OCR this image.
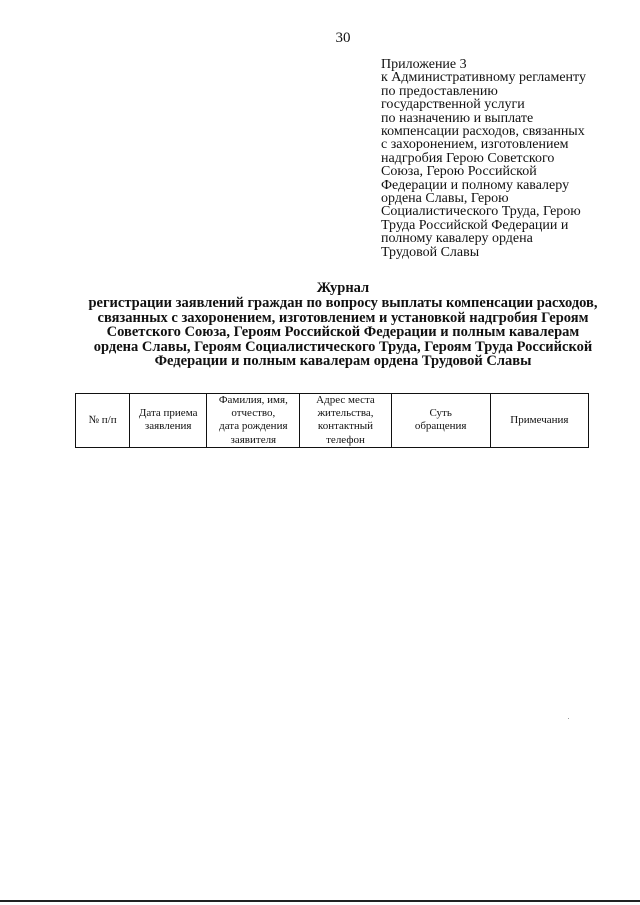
30
Приложение 3
к Административному регламенту
по предоставлению
государственной услуги
по назначению и выплате
компенсации расходов, связанных
с захоронением, изготовлением
надгробия Герою Советского
Союза, Герою Российской
Федерации и полному кавалеру
ордена Славы, Герою
Социалистического Труда, Герою
Труда Российской Федерации и
полному кавалеру ордена
Трудовой Славы
Журнал
регистрации заявлений граждан по вопросу выплаты компенсации расходов,
связанных с захоронением, изготовлением и установкой надгробия Героям
Советского Союза, Героям Российской Федерации и полным кавалерам
ордена Славы, Героям Социалистического Труда, Героям Труда Российской
Федерации и полным кавалерам ордена Трудовой Славы
№ п/п

Дата приема
заявления

Фамилия, имя,
отчество,
дата рождения
заявителя

Адрес места
жительства,
контактный
телефон

Суть
обращения

Примечания
